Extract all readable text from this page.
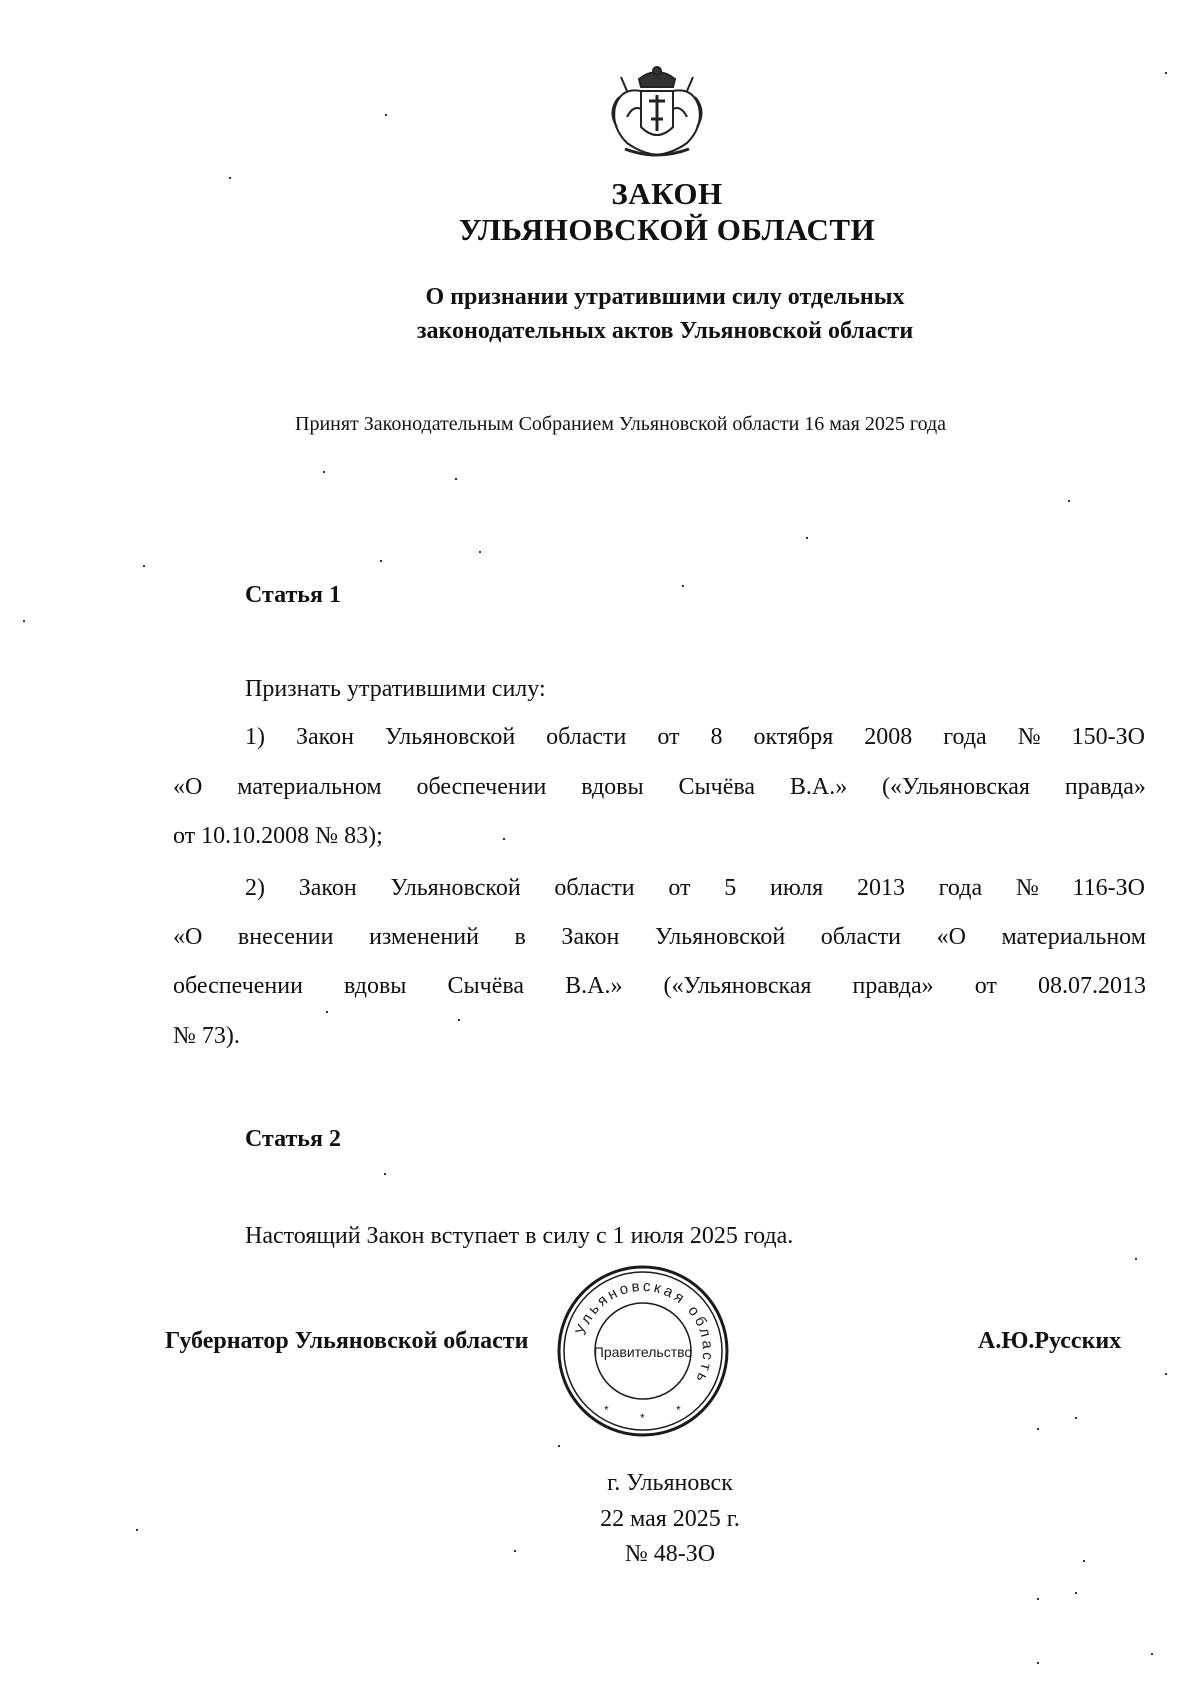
ЗАКОН
УЛЬЯНОВСКОЙ ОБЛАСТИ
О признании утратившими силу отдельных
законодательных актов Ульяновской области
Принят Законодательным Собранием Ульяновской области 16 мая 2025 года
Статья 1
Признать утратившими силу:
1) Закон Ульяновской области от 8 октября 2008 года № 150-ЗО
«О материальном обеспечении вдовы Сычёва В.А.» («Ульяновская правда»
от 10.10.2008 № 83);
2) Закон Ульяновской области от 5 июля 2013 года № 116-ЗО
«О внесении изменений в Закон Ульяновской области «О материальном
обеспечении вдовы Сычёва В.А.» («Ульяновская правда» от 08.07.2013
№ 73).
Статья 2
Настоящий Закон вступает в силу с 1 июля 2025 года.
Губернатор Ульяновской области	А.Ю.Русских
Ульяновская область
Правительство
*
*
*
г. Ульяновск
22 мая 2025 г.
№ 48-ЗО
